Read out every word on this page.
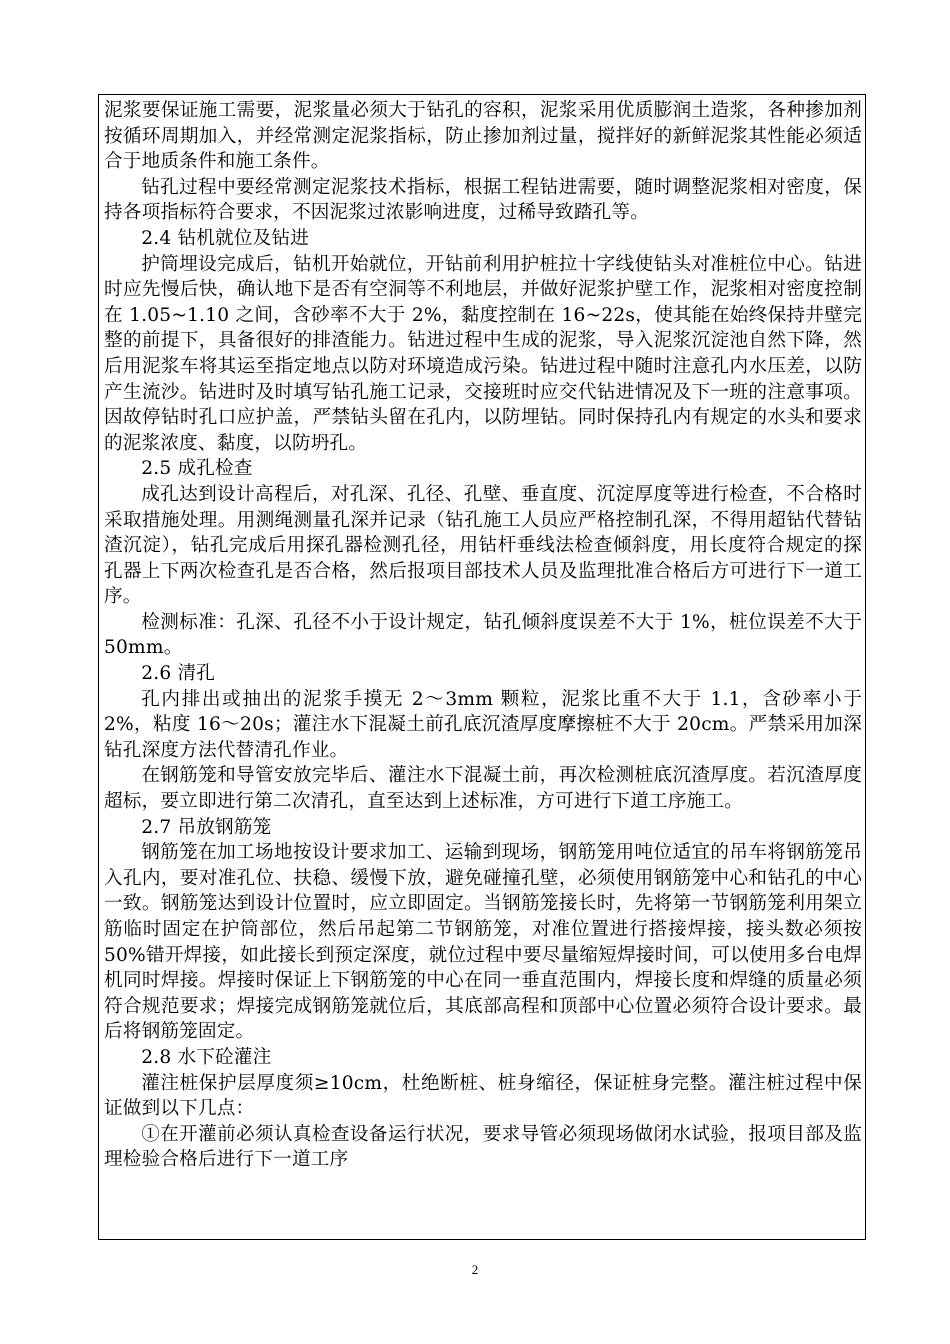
泥浆要保证施工需要，泥浆量必须大于钻孔的容积，泥浆采用优质膨润土造浆，各种掺加剂按循环周期加入，并经常测定泥浆指标，防止掺加剂过量，搅拌好的新鲜泥浆其性能必须适合于地质条件和施工条件。

钻孔过程中要经常测定泥浆技术指标，根据工程钻进需要，随时调整泥浆相对密度，保持各项指标符合要求，不因泥浆过浓影响进度，过稀导致踏孔等。

2.4 钻机就位及钻进

护筒埋设完成后，钻机开始就位，开钻前利用护桩拉十字线使钻头对准桩位中心。钻进时应先慢后快，确认地下是否有空洞等不利地层，并做好泥浆护壁工作，泥浆相对密度控制在 1.05~1.10 之间，含砂率不大于 2%，黏度控制在 16~22s，使其能在始终保持井壁完整的前提下，具备很好的排渣能力。钻进过程中生成的泥浆，导入泥浆沉淀池自然下降，然后用泥浆车将其运至指定地点以防对环境造成污染。钻进过程中随时注意孔内水压差，以防产生流沙。钻进时及时填写钻孔施工记录，交接班时应交代钻进情况及下一班的注意事项。因故停钻时孔口应护盖，严禁钻头留在孔内，以防埋钻。同时保持孔内有规定的水头和要求的泥浆浓度、黏度，以防坍孔。

2.5 成孔检查

成孔达到设计高程后，对孔深、孔径、孔壁、垂直度、沉淀厚度等进行检查，不合格时采取措施处理。用测绳测量孔深并记录（钻孔施工人员应严格控制孔深，不得用超钻代替钻渣沉淀），钻孔完成后用探孔器检测孔径，用钻杆垂线法检查倾斜度，用长度符合规定的探孔器上下两次检查孔是否合格，然后报项目部技术人员及监理批准合格后方可进行下一道工序。

检测标准：孔深、孔径不小于设计规定，钻孔倾斜度误差不大于 1%，桩位误差不大于 50mm。

2.6 清孔

孔内排出或抽出的泥浆手摸无 2～3mm 颗粒，泥浆比重不大于 1.1，含砂率小于 2%，粘度 16～20s；灌注水下混凝土前孔底沉渣厚度摩擦桩不大于 20cm。严禁采用加深钻孔深度方法代替清孔作业。

在钢筋笼和导管安放完毕后、灌注水下混凝土前，再次检测桩底沉渣厚度。若沉渣厚度超标，要立即进行第二次清孔，直至达到上述标准，方可进行下道工序施工。

2.7 吊放钢筋笼

钢筋笼在加工场地按设计要求加工、运输到现场，钢筋笼用吨位适宜的吊车将钢筋笼吊入孔内，要对准孔位、扶稳、缓慢下放，避免碰撞孔壁，必须使用钢筋笼中心和钻孔的中心一致。钢筋笼达到设计位置时，应立即固定。当钢筋笼接长时，先将第一节钢筋笼利用架立筋临时固定在护筒部位，然后吊起第二节钢筋笼，对准位置进行搭接焊接，接头数必须按 50%错开焊接，如此接长到预定深度，就位过程中要尽量缩短焊接时间，可以使用多台电焊机同时焊接。焊接时保证上下钢筋笼的中心在同一垂直范围内，焊接长度和焊缝的质量必须符合规范要求；焊接完成钢筋笼就位后，其底部高程和顶部中心位置必须符合设计要求。最后将钢筋笼固定。

2.8 水下砼灌注

灌注桩保护层厚度须≥10cm，杜绝断桩、桩身缩径，保证桩身完整。灌注桩过程中保证做到以下几点：

①在开灌前必须认真检查设备运行状况，要求导管必须现场做闭水试验，报项目部及监理检验合格后进行下一道工序

2
